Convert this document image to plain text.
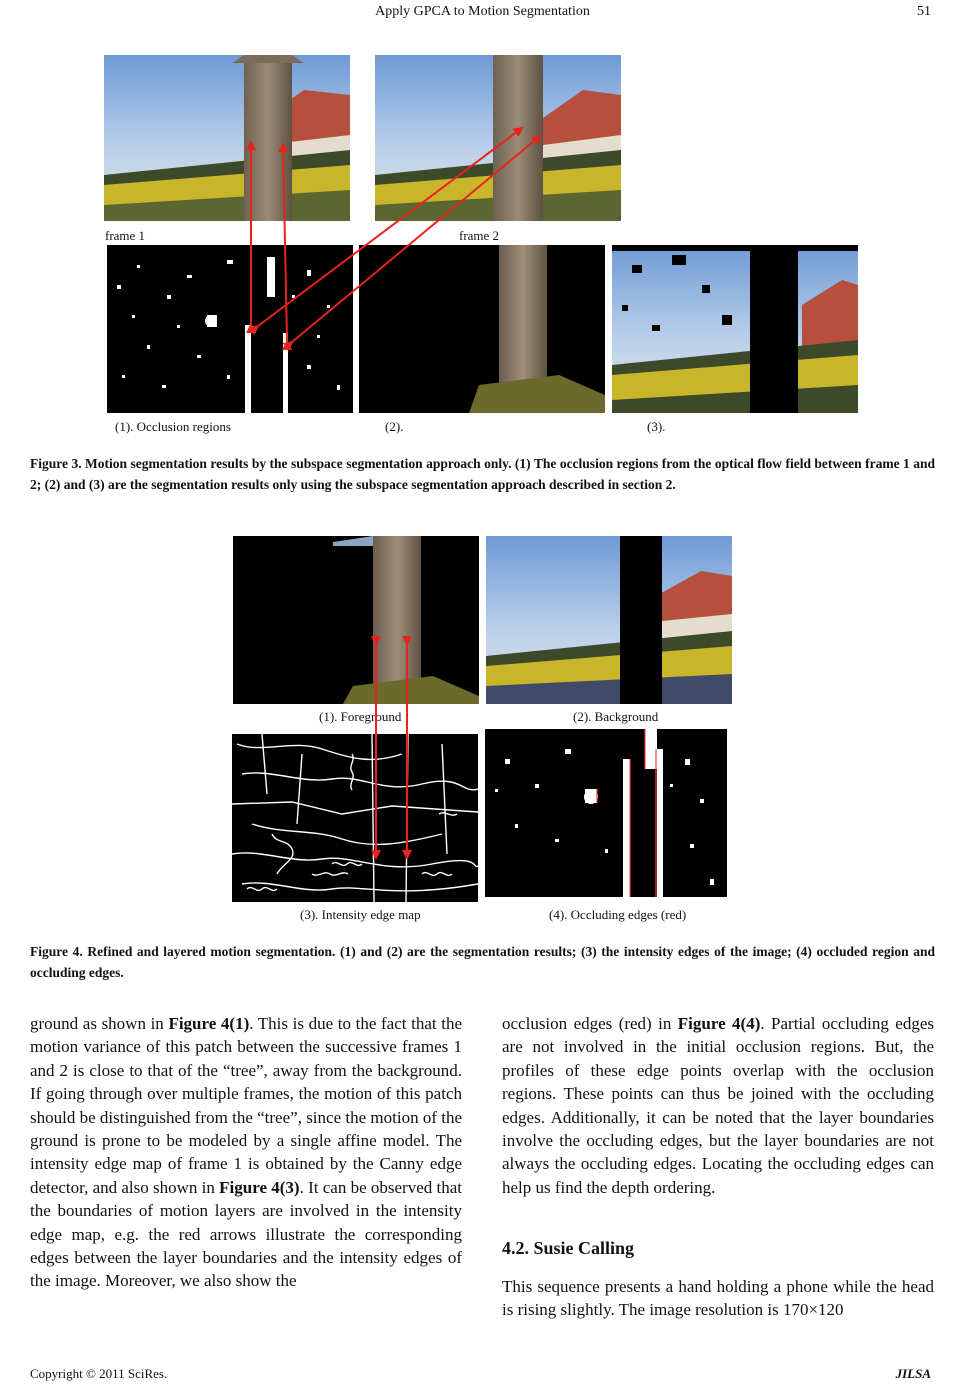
Apply GPCA to Motion Segmentation	51
frame 1	frame 2
(1). Occlusion regions	(2).	(3).
Figure 3. Motion segmentation results by the subspace segmentation approach only. (1) The occlusion regions from the optical flow field between frame 1 and 2; (2) and (3) are the segmentation results only using the subspace segmentation approach described in section 2.
(1). Foreground	(2). Background
(3). Intensity edge map	(4). Occluding edges (red)
Figure 4. Refined and layered motion segmentation. (1) and (2) are the segmentation results; (3) the intensity edges of the image; (4) occluded region and occluding edges.
ground as shown in Figure 4(1). This is due to the fact that the motion variance of this patch between the successive frames 1 and 2 is close to that of the “tree”, away from the background. If going through over multiple frames, the motion of this patch should be distinguished from the “tree”, since the motion of the ground is prone to be modeled by a single affine model. The intensity edge map of frame 1 is obtained by the Canny edge detector, and also shown in Figure 4(3). It can be observed that the boundaries of motion layers are involved in the intensity edge map, e.g. the red arrows illustrate the corresponding edges between the layer boundaries and the intensity edges of the image. Moreover, we also show the
occlusion edges (red) in Figure 4(4). Partial occluding edges are not involved in the initial occlusion regions. But, the profiles of these edge points overlap with the occlusion regions. These points can thus be joined with the occluding edges. Additionally, it can be noted that the layer boundaries involve the occluding edges, but the layer boundaries are not always the occluding edges. Locating the occluding edges can help us find the depth ordering.
4.2. Susie Calling
This sequence presents a hand holding a phone while the head is rising slightly. The image resolution is 170×120
Copyright © 2011 SciRes.	JILSA
